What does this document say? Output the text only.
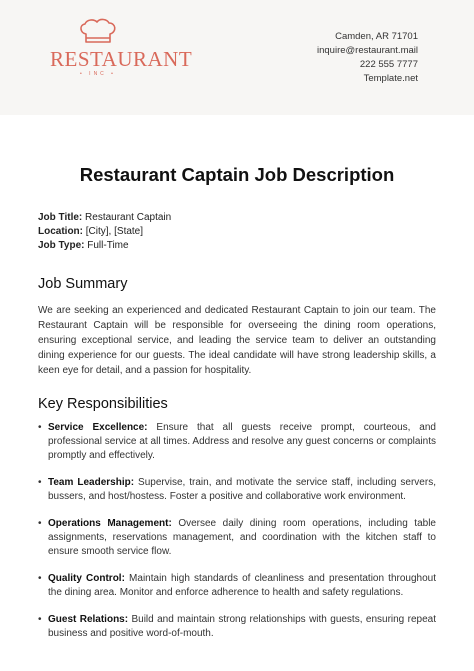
RESTAURANT
• INC •
Camden, AR 71701
inquire@restaurant.mail
222 555 7777
Template.net
Restaurant Captain Job Description
Job Title: Restaurant Captain
Location: [City], [State]
Job Type: Full-Time
Job Summary

We are seeking an experienced and dedicated Restaurant Captain to join our team. The Restaurant Captain will be responsible for overseeing the dining room operations, ensuring exceptional service, and leading the service team to deliver an outstanding dining experience for our guests. The ideal candidate will have strong leadership skills, a keen eye for detail, and a passion for hospitality.

Key Responsibilities
• Service Excellence: Ensure that all guests receive prompt, courteous, and professional service at all times. Address and resolve any guest concerns or complaints promptly and effectively.
• Team Leadership: Supervise, train, and motivate the service staff, including servers, bussers, and host/hostess. Foster a positive and collaborative work environment.
• Operations Management: Oversee daily dining room operations, including table assignments, reservations management, and coordination with the kitchen staff to ensure smooth service flow.
• Quality Control: Maintain high standards of cleanliness and presentation throughout the dining area. Monitor and enforce adherence to health and safety regulations.
• Guest Relations: Build and maintain strong relationships with guests, ensuring repeat business and positive word-of-mouth.
